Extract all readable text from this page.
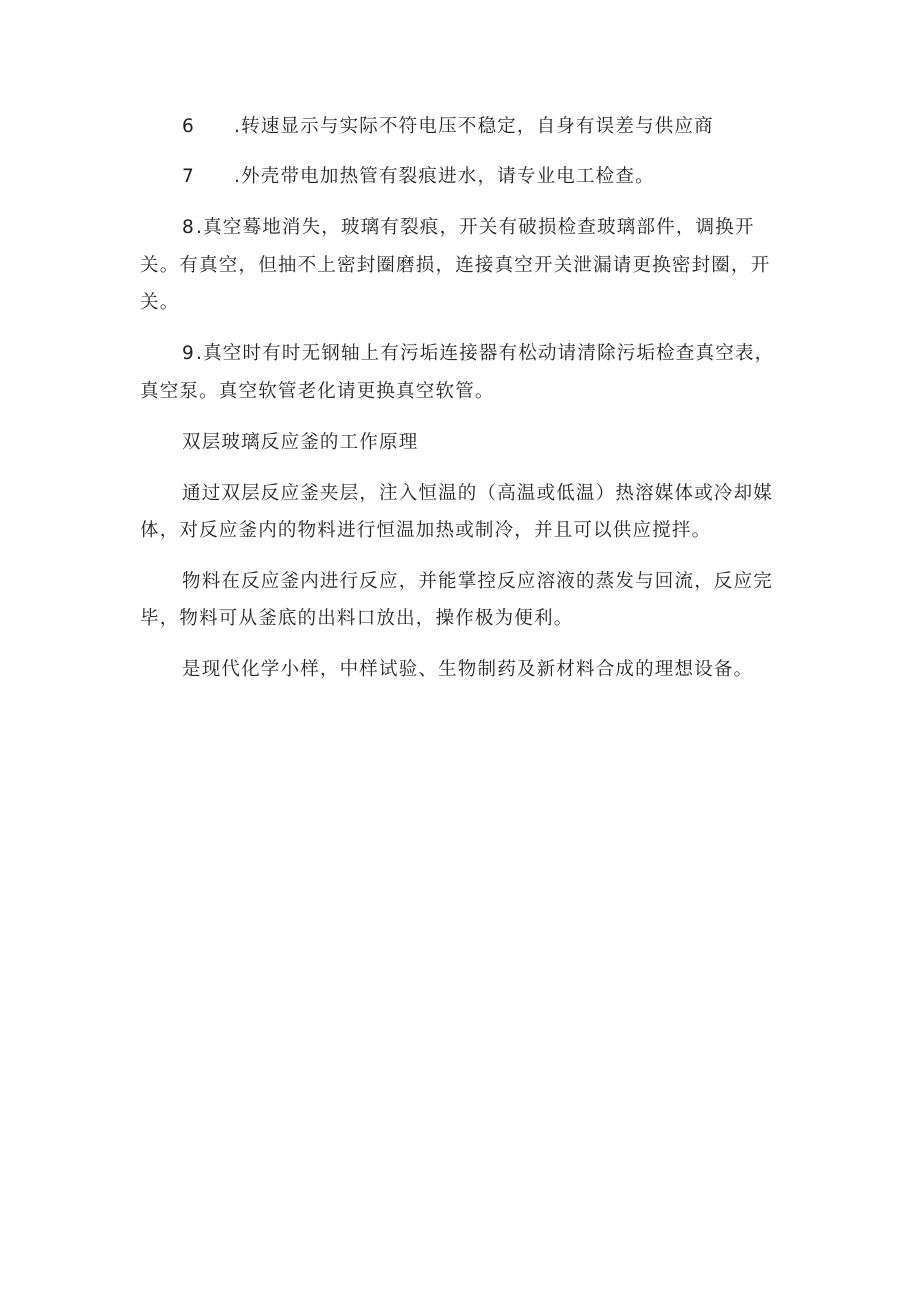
6 .转速显示与实际不符电压不稳定，自身有误差与供应商
7 .外壳带电加热管有裂痕进水，请专业电工检查。
8.真空蓦地消失，玻璃有裂痕，开关有破损检查玻璃部件，调换开
关。有真空，但抽不上密封圈磨损，连接真空开关泄漏请更换密封圈，开
关。
9.真空时有时无钢轴上有污垢连接器有松动请清除污垢检查真空表，
真空泵。真空软管老化请更换真空软管。
双层玻璃反应釜的工作原理
通过双层反应釜夹层，注入恒温的（高温或低温）热溶媒体或冷却媒
体，对反应釜内的物料进行恒温加热或制冷，并且可以供应搅拌。
物料在反应釜内进行反应，并能掌控反应溶液的蒸发与回流，反应完
毕，物料可从釜底的出料口放出，操作极为便利。
是现代化学小样，中样试验、生物制药及新材料合成的理想设备。
